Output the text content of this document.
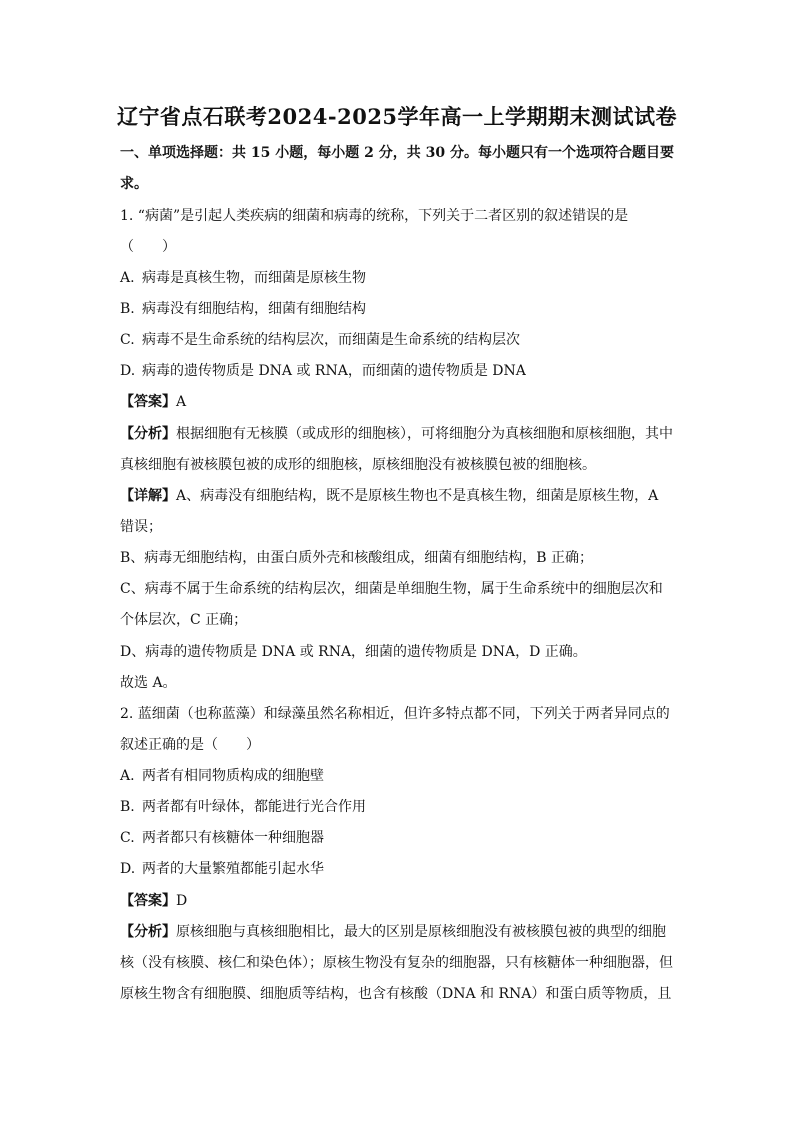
辽宁省点石联考2024-2025学年高一上学期期末测试试卷
一、单项选择题：共 15 小题，每小题 2 分，共 30 分。每小题只有一个选项符合题目要
求。
1. “病菌”是引起人类疾病的细菌和病毒的统称，下列关于二者区别的叙述错误的是
（　　）
A. 病毒是真核生物，而细菌是原核生物
B. 病毒没有细胞结构，细菌有细胞结构
C. 病毒不是生命系统的结构层次，而细菌是生命系统的结构层次
D. 病毒的遗传物质是 DNA 或 RNA，而细菌的遗传物质是 DNA
【答案】A
【分析】根据细胞有无核膜（或成形的细胞核），可将细胞分为真核细胞和原核细胞，其中
真核细胞有被核膜包被的成形的细胞核，原核细胞没有被核膜包被的细胞核。
【详解】A、病毒没有细胞结构，既不是原核生物也不是真核生物，细菌是原核生物，A
错误；
B、病毒无细胞结构，由蛋白质外壳和核酸组成，细菌有细胞结构，B 正确；
C、病毒不属于生命系统的结构层次，细菌是单细胞生物，属于生命系统中的细胞层次和
个体层次，C 正确；
D、病毒的遗传物质是 DNA 或 RNA，细菌的遗传物质是 DNA，D 正确。
故选 A。
2. 蓝细菌（也称蓝藻）和绿藻虽然名称相近，但许多特点都不同，下列关于两者异同点的
叙述正确的是（　　）
A. 两者有相同物质构成的细胞壁
B. 两者都有叶绿体，都能进行光合作用
C. 两者都只有核糖体一种细胞器
D. 两者的大量繁殖都能引起水华
【答案】D
【分析】原核细胞与真核细胞相比，最大的区别是原核细胞没有被核膜包被的典型的细胞
核（没有核膜、核仁和染色体）；原核生物没有复杂的细胞器，只有核糖体一种细胞器，但
原核生物含有细胞膜、细胞质等结构，也含有核酸（DNA 和 RNA）和蛋白质等物质，且
